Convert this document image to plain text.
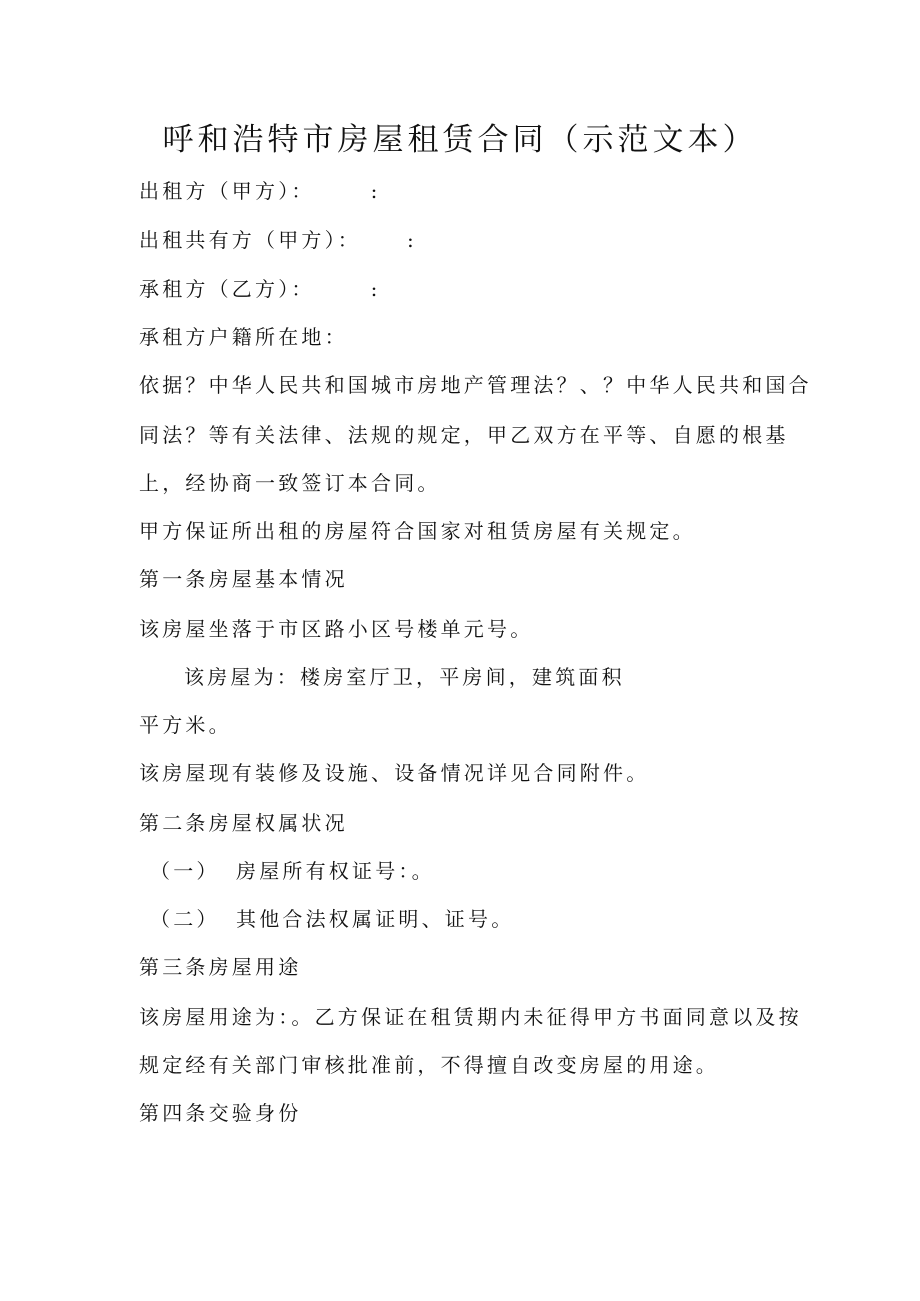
呼和浩特市房屋租赁合同（示范文本）
出租方（甲方）：	:
出租共有方（甲方）： :
承租方（乙方）：	:
承租方户籍所在地：
依据？中华人民共和国城市房地产管理法？、？中华人民共和国合
同法？等有关法律、法规的规定，甲乙双方在平等、自愿的根基
上，经协商一致签订本合同。
甲方保证所出租的房屋符合国家对租赁房屋有关规定。
第一条房屋基本情况
该房屋坐落于市区路小区号楼单元号。
该房屋为：楼房室厅卫，平房间，建筑面积
平方米。
该房屋现有装修及设施、设备情况详见合同附件。
第二条房屋权属状况
（一） 房屋所有权证号：。
（二） 其他合法权属证明、证号。
第三条房屋用途
该房屋用途为：。乙方保证在租赁期内未征得甲方书面同意以及按
规定经有关部门审核批准前，不得擅自改变房屋的用途。
第四条交验身份
